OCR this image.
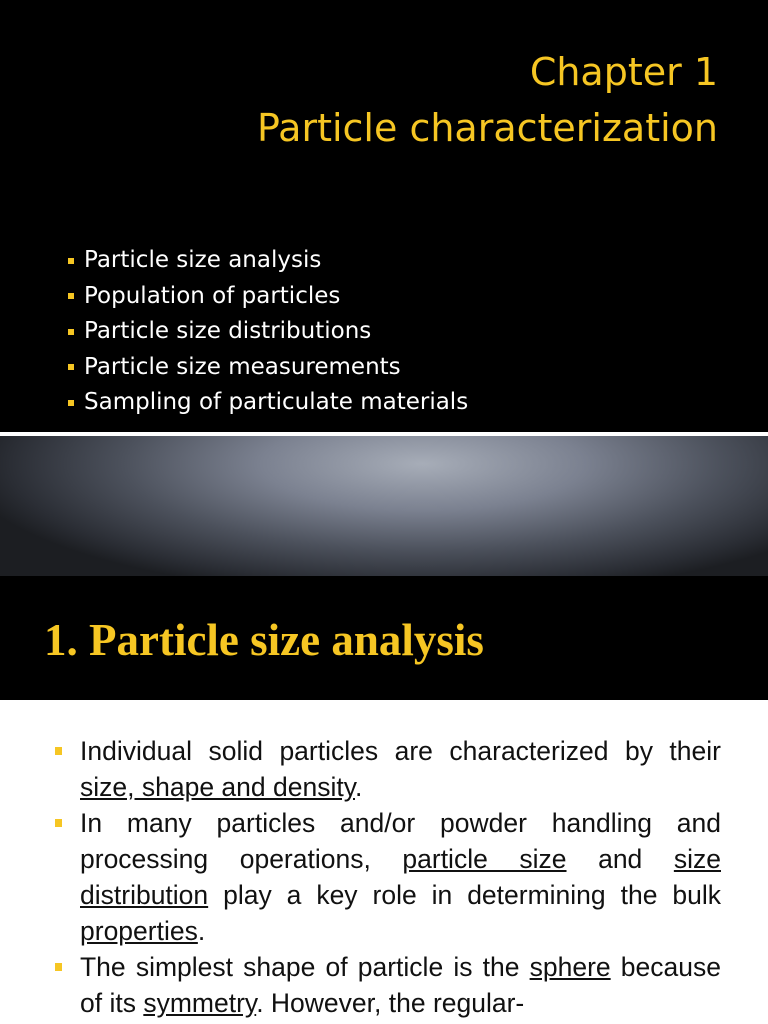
Chapter 1
Particle characterization
Particle size analysis
Population of particles
Particle size distributions
Particle size measurements
Sampling of particulate materials
1. Particle size analysis
Individual solid particles are characterized by their size, shape and density.
In many particles and/or powder handling and processing operations, particle size and size distribution play a key role in determining the bulk properties.
The simplest shape of particle is the sphere because of its symmetry. However, the regular-
